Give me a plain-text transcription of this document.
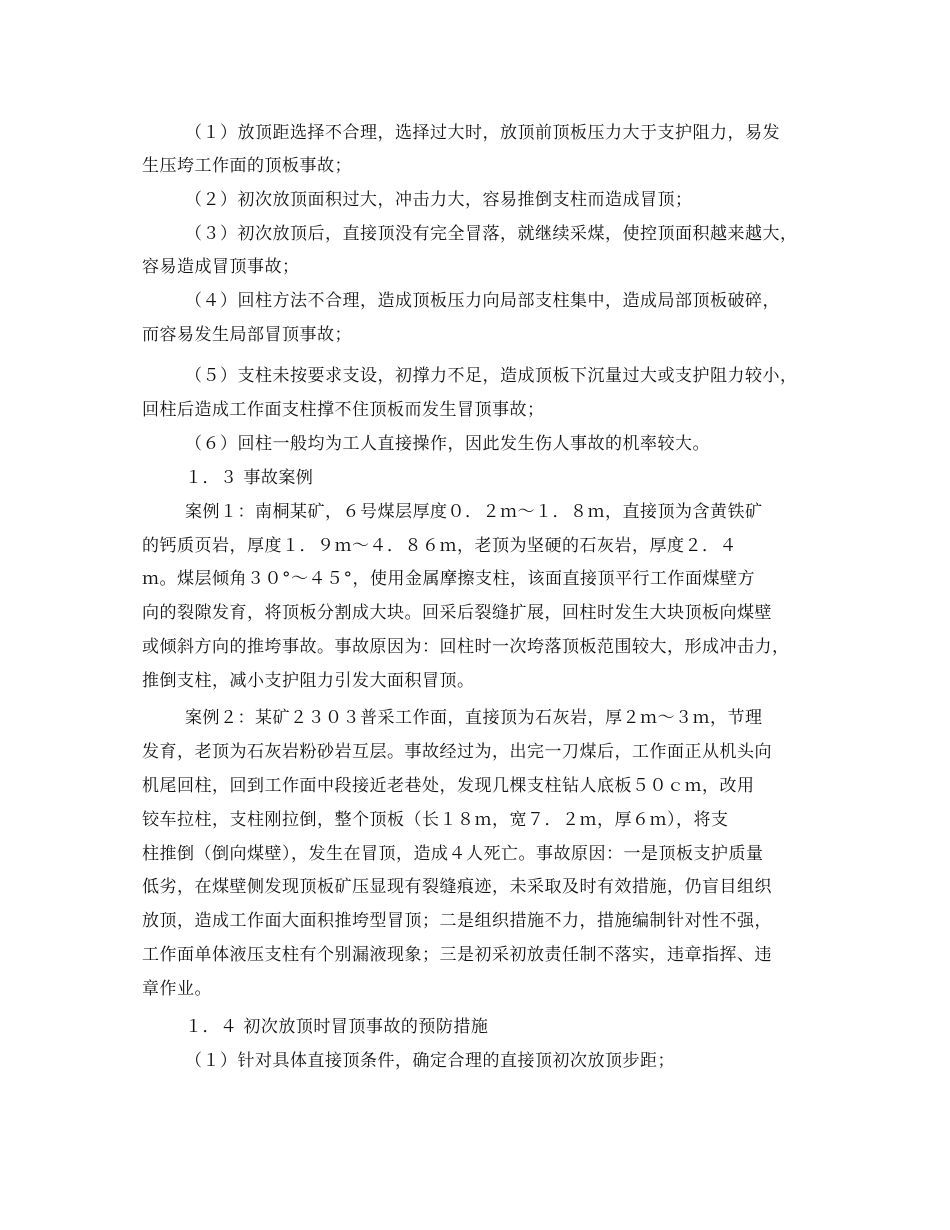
（１）放顶距选择不合理，选择过大时，放顶前顶板压力大于支护阻力，易发
生压垮工作面的顶板事故；
（２）初次放顶面积过大，冲击力大，容易推倒支柱而造成冒顶；
（３）初次放顶后，直接顶没有完全冒落，就继续采煤，使控顶面积越来越大，
容易造成冒顶事故；
（４）回柱方法不合理，造成顶板压力向局部支柱集中，造成局部顶板破碎，
而容易发生局部冒顶事故；
（５）支柱未按要求支设，初撑力不足，造成顶板下沉量过大或支护阻力较小，
回柱后造成工作面支柱撑不住顶板而发生冒顶事故；
（６）回柱一般均为工人直接操作，因此发生伤人事故的机率较大。
１．３ 事故案例
案例１：南桐某矿，６号煤层厚度０．２ｍ～１．８ｍ，直接顶为含黄铁矿
的钙质页岩，厚度１．９ｍ～４．８６ｍ，老顶为坚硬的石灰岩，厚度２．４
ｍ。煤层倾角３０°～４５°，使用金属摩擦支柱，该面直接顶平行工作面煤壁方
向的裂隙发育，将顶板分割成大块。回采后裂缝扩展，回柱时发生大块顶板向煤壁
或倾斜方向的推垮事故。事故原因为：回柱时一次垮落顶板范围较大，形成冲击力，
推倒支柱，减小支护阻力引发大面积冒顶。
案例２：某矿２３０３普采工作面，直接顶为石灰岩，厚２ｍ～３ｍ，节理
发育，老顶为石灰岩粉砂岩互层。事故经过为，出完一刀煤后，工作面正从机头向
机尾回柱，回到工作面中段接近老巷处，发现几棵支柱钻人底板５０ｃｍ，改用
铰车拉柱，支柱刚拉倒，整个顶板（长１８ｍ，宽７．２ｍ，厚６ｍ），将支
柱推倒（倒向煤壁），发生在冒顶，造成４人死亡。事故原因：一是顶板支护质量
低劣，在煤壁侧发现顶板矿压显现有裂缝痕迹，未采取及时有效措施，仍盲目组织
放顶，造成工作面大面积推垮型冒顶；二是组织措施不力，措施编制针对性不强，
工作面单体液压支柱有个别漏液现象；三是初采初放责任制不落实，违章指挥、违
章作业。
１．４ 初次放顶时冒顶事故的预防措施
（１）针对具体直接顶条件，确定合理的直接顶初次放顶步距；
